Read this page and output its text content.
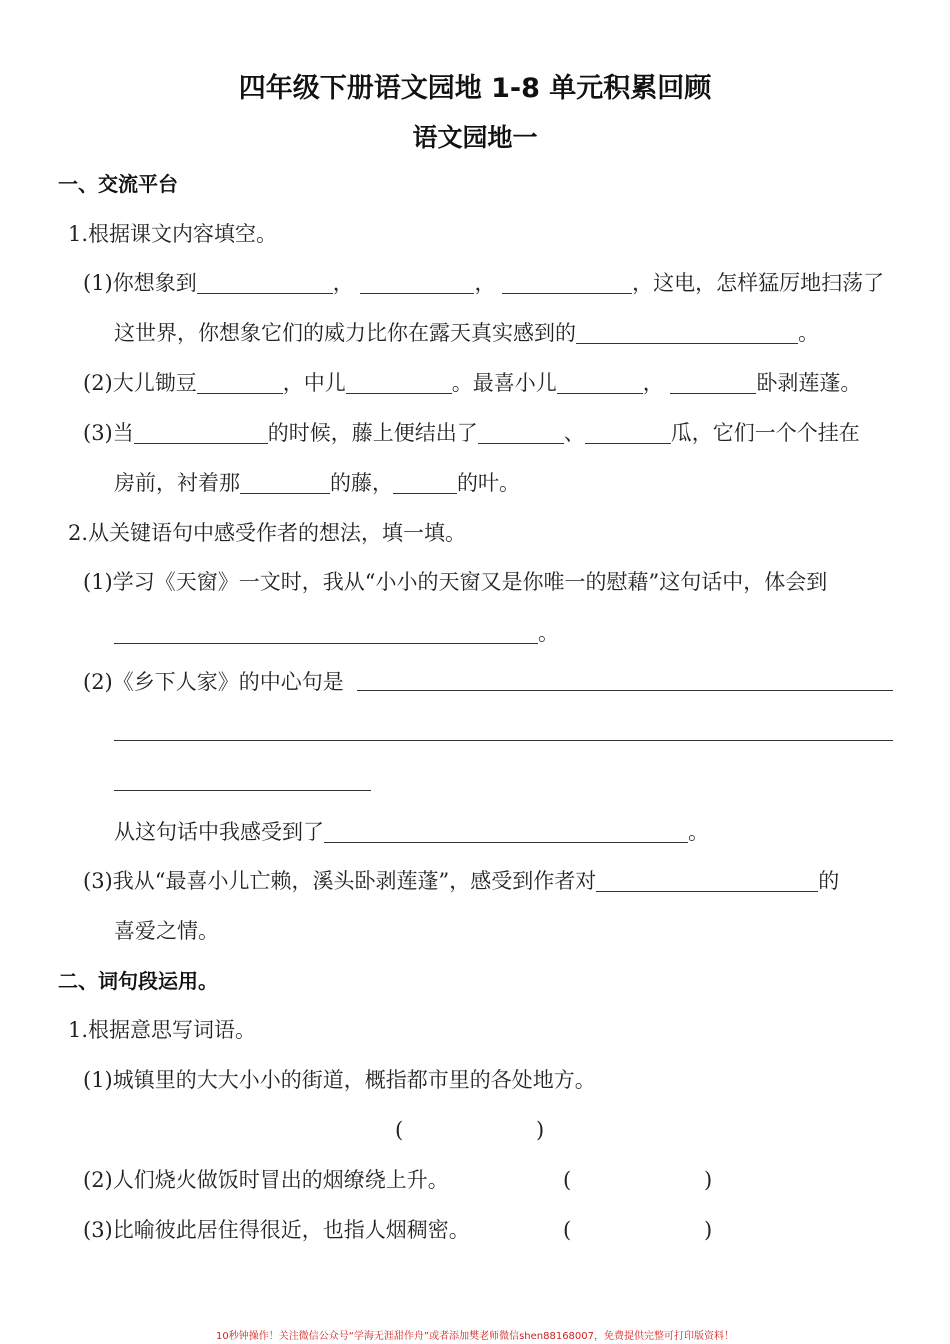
四年级下册语文园地 1-8 单元积累回顾
语文园地一
一、交流平台
1.根据课文内容填空。
(1)你想象到	，	，	，这电，怎样猛厉地扫荡了
这世界，你想象它们的威力比你在露天真实感到的	。
(2)大儿锄豆	，中儿	。最喜小儿	，	卧剥莲蓬。
(3)当	的时候，藤上便结出了	、	瓜，它们一个个挂在
房前，衬着那	的藤，	的叶。
2.从关键语句中感受作者的想法，填一填。
(1)学习《天窗》一文时，我从“小小的天窗又是你唯一的慰藉”这句话中，体会到
。
(2)《乡下人家》的中心句是
从这句话中我感受到了	。
(3)我从“最喜小儿亡赖，溪头卧剥莲蓬”，感受到作者对	的
喜爱之情。
二、词句段运用。
1.根据意思写词语。
(1)城镇里的大大小小的街道，概指都市里的各处地方。
(	)
(2)人们烧火做饭时冒出的烟缭绕上升。	(	)
(3)比喻彼此居住得很近，也指人烟稠密。	(	)
10秒钟操作！关注微信公众号“学海无涯甜作舟”或者添加樊老师微信shen88168007，免费提供完整可打印版资料！
